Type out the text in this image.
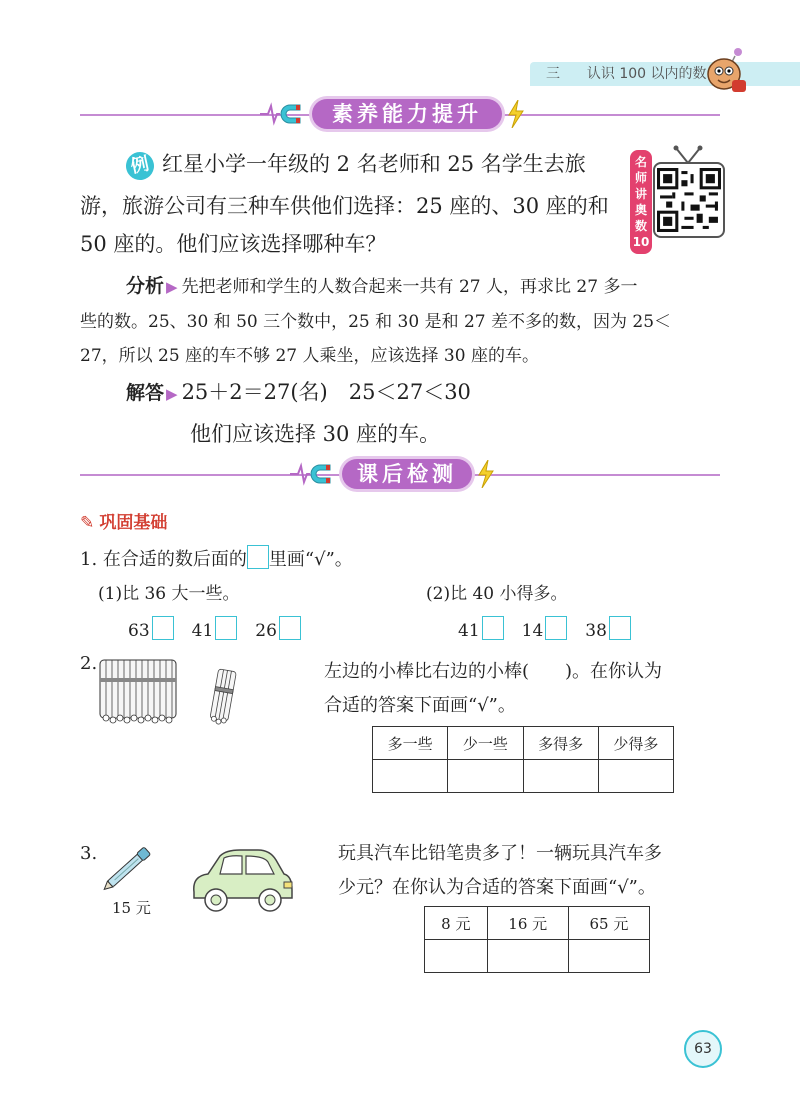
三 认识 100 以内的数
素养能力提升
例 红星小学一年级的 2 名老师和 25 名学生去旅
游，旅游公司有三种车供他们选择：25 座的、30 座的和
50 座的。他们应该选择哪种车？
名
师
讲
奥
数
10
分析 ▶ 先把老师和学生的人数合起来一共有 27 人，再求比 27 多一
些的数。25、30 和 50 三个数中，25 和 30 是和 27 差不多的数，因为 25＜
27，所以 25 座的车不够 27 人乘坐，应该选择 30 座的车。
解答 ▶ 25＋2＝27(名)　25＜27＜30
他们应该选择 30 座的车。
课后检测
✎ 巩固基础
1. 在合适的数后面的 里画“√”。
(1)比 36 大一些。	(2)比 40 小得多。
63 41 26	41 14 38
2.	左边的小棒比右边的小棒(　　)。在你认为
合适的答案下面画“√”。
多一些	少一些	多得多	少得多

3.
15 元
玩具汽车比铅笔贵多了！一辆玩具汽车多
少元？在你认为合适的答案下面画“√”。
8 元	16 元	65 元

63
